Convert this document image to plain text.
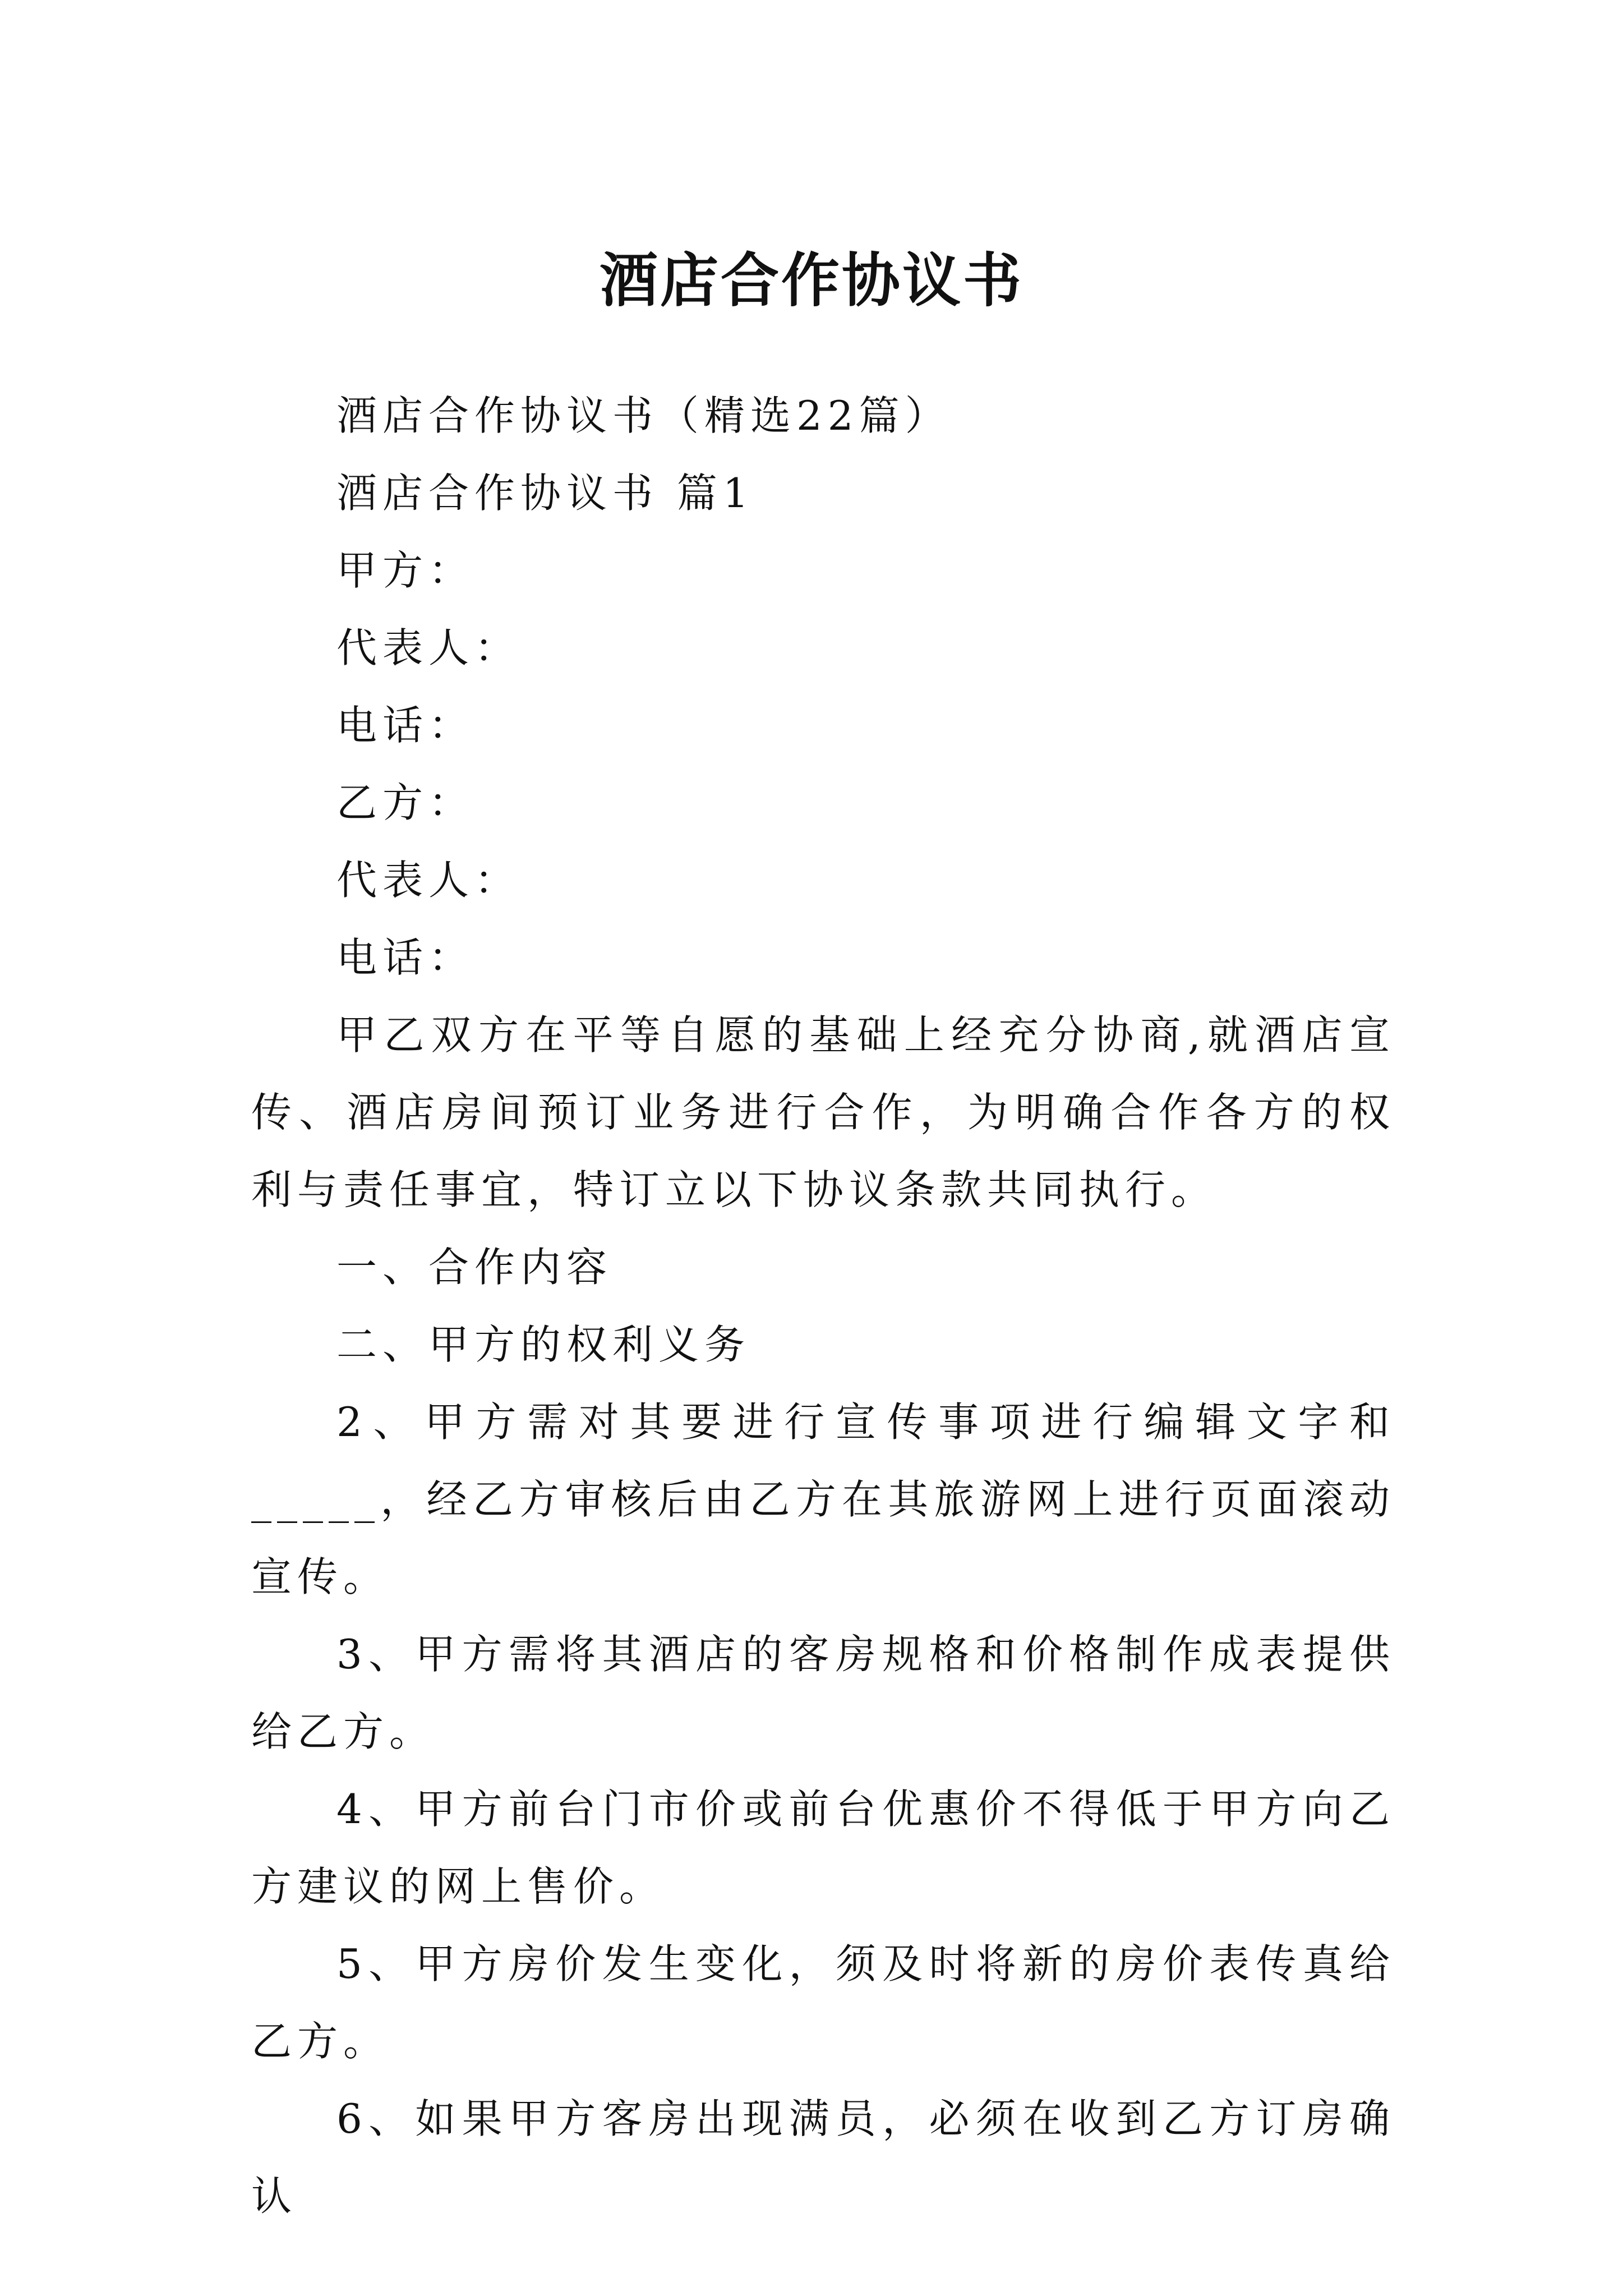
酒店合作协议书

酒店合作协议书（精选22篇）

酒店合作协议书 篇1

甲方：

代表人：

电话：

乙方：

代表人：

电话：

甲乙双方在平等自愿的基础上经充分协商,就酒店宣传、酒店房间预订业务进行合作，为明确合作各方的权利与责任事宜，特订立以下协议条款共同执行。

一、合作内容

二、甲方的权利义务

2、甲方需对其要进行宣传事项进行编辑文字和_____，经乙方审核后由乙方在其旅游网上进行页面滚动宣传。

3、甲方需将其酒店的客房规格和价格制作成表提供给乙方。

4、甲方前台门市价或前台优惠价不得低于甲方向乙方建议的网上售价。

5、甲方房价发生变化，须及时将新的房价表传真给乙方。

6、如果甲方客房出现满员，必须在收到乙方订房确认
